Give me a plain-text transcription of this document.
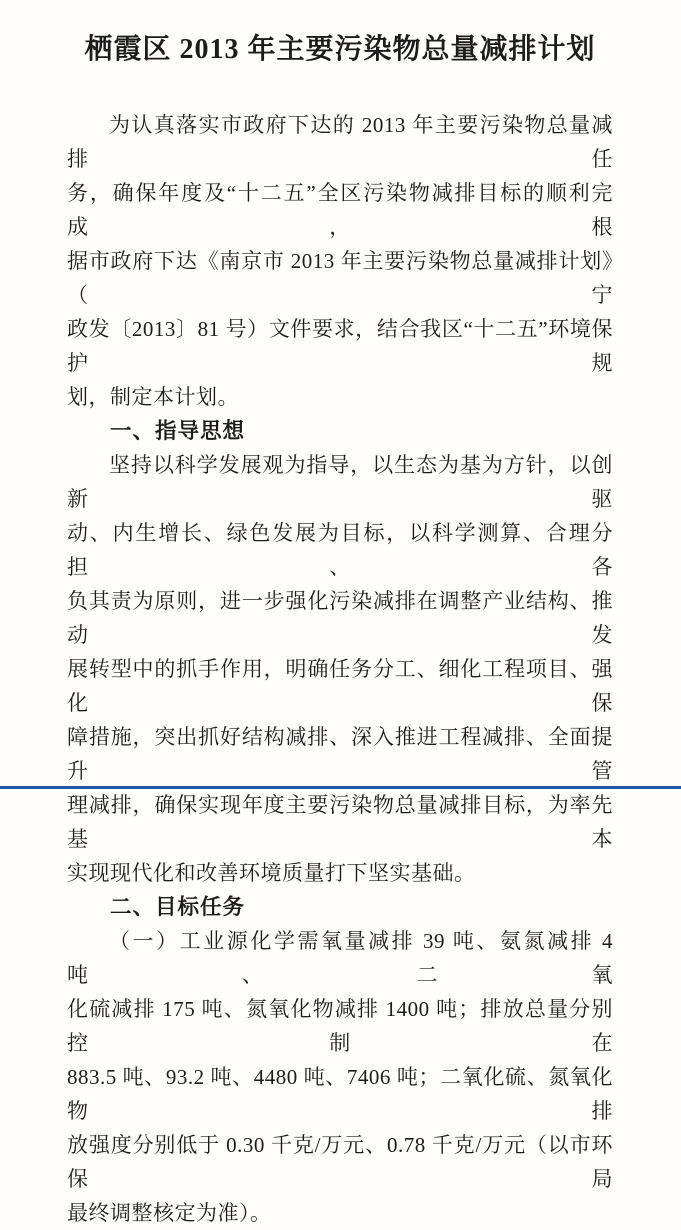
栖霞区 2013 年主要污染物总量减排计划
为认真落实市政府下达的 2013 年主要污染物总量减排任
务，确保年度及“十二五”全区污染物减排目标的顺利完成，根
据市政府下达《南京市 2013 年主要污染物总量减排计划》（宁
政发〔2013〕81 号）文件要求，结合我区“十二五”环境保护规
划，制定本计划。
一、指导思想
坚持以科学发展观为指导，以生态为基为方针，以创新驱
动、内生增长、绿色发展为目标，以科学测算、合理分担、各
负其责为原则，进一步强化污染减排在调整产业结构、推动发
展转型中的抓手作用，明确任务分工、细化工程项目、强化保
障措施，突出抓好结构减排、深入推进工程减排、全面提升管
理减排，确保实现年度主要污染物总量减排目标，为率先基本
实现现代化和改善环境质量打下坚实基础。
二、目标任务
（一）工业源化学需氧量减排 39 吨、氨氮减排 4 吨、二氧
化硫减排 175 吨、氮氧化物减排 1400 吨；排放总量分别控制在
883.5 吨、93.2 吨、4480 吨、7406 吨；二氧化硫、氮氧化物排
放强度分别低于 0.30 千克/万元、0.78 千克/万元（以市环保局
最终调整核定为准）。
